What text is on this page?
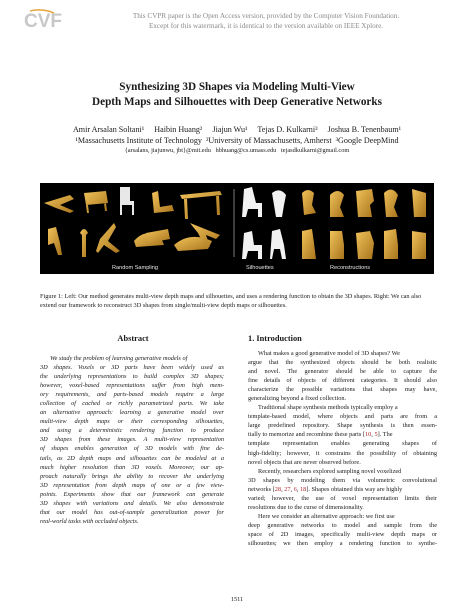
CVF	This CVPR paper is the Open Access version, provided by the Computer Vision Foundation.
Except for this watermark, it is identical to the version available on IEEE Xplore.
Synthesizing 3D Shapes via Modeling Multi-View
Depth Maps and Silhouettes with Deep Generative Networks
Amir Arsalan Soltani¹     Haibin Huang²     Jiajun Wu¹     Tejas D. Kulkarni³     Joshua B. Tenenbaum¹
¹Massachusetts Institute of Technology  ²University of Massachusetts, Amherst  ³Google DeepMind
{arsalans, jiajunwu, jbt}@mit.edu   hbhuang@cs.umass.edu   tejasdkulkarni@gmail.com
Random Sampling	Silhouettes	Reconstructions
Figure 1: Left: Our method generates multi-view depth maps and silhouettes, and uses a rendering function to obtain the 3D shapes. Right: We can also extend our framework to reconstruct 3D shapes from single/multi-view depth maps or silhouettes.
Abstract
We study the problem of learning generative models of
3D shapes. Voxels or 3D parts have been widely used as
the underlying representations to build complex 3D shapes;
however, voxel-based representations suffer from high mem-
ory requirements, and parts-based models require a large
collection of cached or richly parametrized parts. We take
an alternative approach: learning a generative model over
multi-view depth maps or their corresponding silhouettes,
and using a deterministic rendering function to produce
3D shapes from these images. A multi-view representation
of shapes enables generation of 3D models with fine de-
tails, as 2D depth maps and silhouettes can be modeled at a
much higher resolution than 3D voxels. Moreover, our ap-
proach naturally brings the ability to recover the underlying
3D representation from depth maps of one or a few view-
points. Experiments show that our framework can generate
3D shapes with variations and details. We also demonstrate
that our model has out-of-sample generalization power for
real-world tasks with occluded objects.
1. Introduction
What makes a good generative model of 3D shapes? We
argue that the synthesized objects should be both realistic
and novel. The generator should be able to capture the
fine details of objects of different categories. It should also
characterize the possible variations that shapes may have,
generalizing beyond a fixed collection.
Traditional shape synthesis methods typically employ a
template-based model, where objects and parts are from a
large predefined repository. Shape synthesis is then essen-
tially to memorize and recombine these parts [10, 5]. The
template representation enables generating shapes of
high-fidelity; however, it constrains the possibility of obtaining
novel objects that are never observed before.
Recently, researchers explored sampling novel voxelized
3D shapes by modeling them via volumetric convolutional
networks [28, 27, 6, 18]. Shapes obtained this way are highly
varied; however, the use of voxel representation limits their
resolutions due to the curse of dimensionality.
Here we consider an alternative approach: we first use
deep generative networks to model and sample from the
space of 2D images, specifically multi-view depth maps or
silhouettes; we then employ a rendering function to synthe-
1511
